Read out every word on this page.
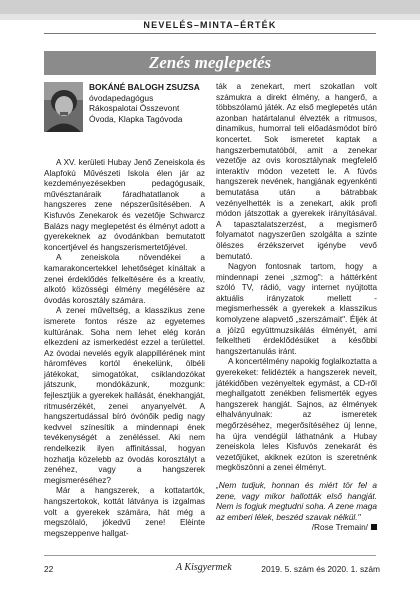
NEVELÉS–MINTA–ÉRTÉK
Zenés meglepetés
BOKÁNÉ BALOGH ZSUZSA
óvodapedagógus
Rákospalotai Összevont
Óvoda, Klapka Tagóvoda

A XV. kerületi Hubay Jenő Zeneiskola és Alapfokú Művészeti Iskola élen jár az kezdeményezésekben pedagógusaik, művésztanáraik fáradhatatlanok a hangszeres zene népszerűsítésében. A Kisfuvós Zenekarok és vezetője Schwarcz Balázs nagy meglepetést és élményt adott a gyerekeknek az óvodánkban bemutatott koncertjével és hangszerismertetőjével.

A zeneiskola növendékei a kamarakoncertekkel lehetőséget kínáltak a zenei érdeklődés felkeltésére és a kreatív, alkotó közösségi élmény megélésére az óvodás korosztály számára.

A zenei műveltség, a klasszikus zene ismerete fontos része az egyetemes kultúrának. Soha nem lehet elég korán elkezdeni az ismerkedést ezzel a területtel. Az óvodai nevelés egyik alappillérének mint háromféves kortól énekelünk, ölbéli játékokat, simogatókat, csiklandozókat játszunk, mondókázunk, mozgunk: fejlesztjük a gyerekek hallását, énekhangját, ritmusérzékét, zenei anyanyelvét. A hangszertudással bíró óvónőik pedig nagy kedvvel színesítik a mindennapi ének tevékenységét a zenéléssel. Aki nem rendelkezik ilyen affinitással, hogyan hozhatja közelebb az óvodás korosztályt a zenéhez, vagy a hangszerek megismeréséhez?

Már a hangszerek, a kottatartók, hangszertokok, kottát látványa is izgalmas volt a gyerekek számára, hát még a megszólaló, jókedvű zene! Elèinte megszeppenve hallgat-

ták a zenekart, mert szokatlan volt számukra a direkt élmény, a hangerő, a többszólamú játék. Az első meglepetés után azonban határtalanul élvezték a ritmusos, dinamikus, humorral teli előadásmódot bíró koncertet. Sok ismeretet kaptak a hangszerbemutatóból, amit a zenekar vezetője az ovis korosztálynak megfelelő interaktív módon vezetett le. A fúvós hangszerek nevének, hangjának egyenkénti bemutatása után a bátrabbak vezényelhették is a zenekart, akik profi módon játszottak a gyerekek irányításával. A tapasztalatszerzést, a megismerő folyamatot nagyszerűen szolgálta a szinte ölészes érzékszervet igénybe vevő bemutató.

Nagyon fontosnak tartom, hogy a mindennapi zenei „szmog": a háttérként szóló TV, rádió, vagy internet nyújtotta aktuális irányzatok mellett - megismerhessék a gyerekek a klasszikus komolyzene alapvető „szerszámait". Éljék át a jóízű együttmuzsikálás élményét, ami felkeltheti érdeklődésüket a későbbi hangszertanulás iránt.

A koncertélmény napokig foglalkoztatta a gyerekeket: felidézték a hangszerek neveit, játékidőben vezényeltek egymást, a CD-ről meghallgatott zenékben felismerték egyes hangszerek hangját. Sajnos, az élmények elhalványulnak: az ismeretek megőrzéséhez, megerősítéséhez új lenne, ha újra vendégül láthatnánk a Hubay zeneiskola leles Kisfuvós zenekarát és vezetőjüket, akiknek ezúton is szeretnénk megköszönni a zenei élményt.

„Nem tudjuk, honnan és miért tör fel a zene, vagy mikor hallották első hangját. Nem is fogjuk megtudni soha. A zene maga az emberi lélek, beszéd szavak nélkül."
/Rose Tremain/
22	A Kisgyermek	2019. 5. szám és 2020. 1. szám
